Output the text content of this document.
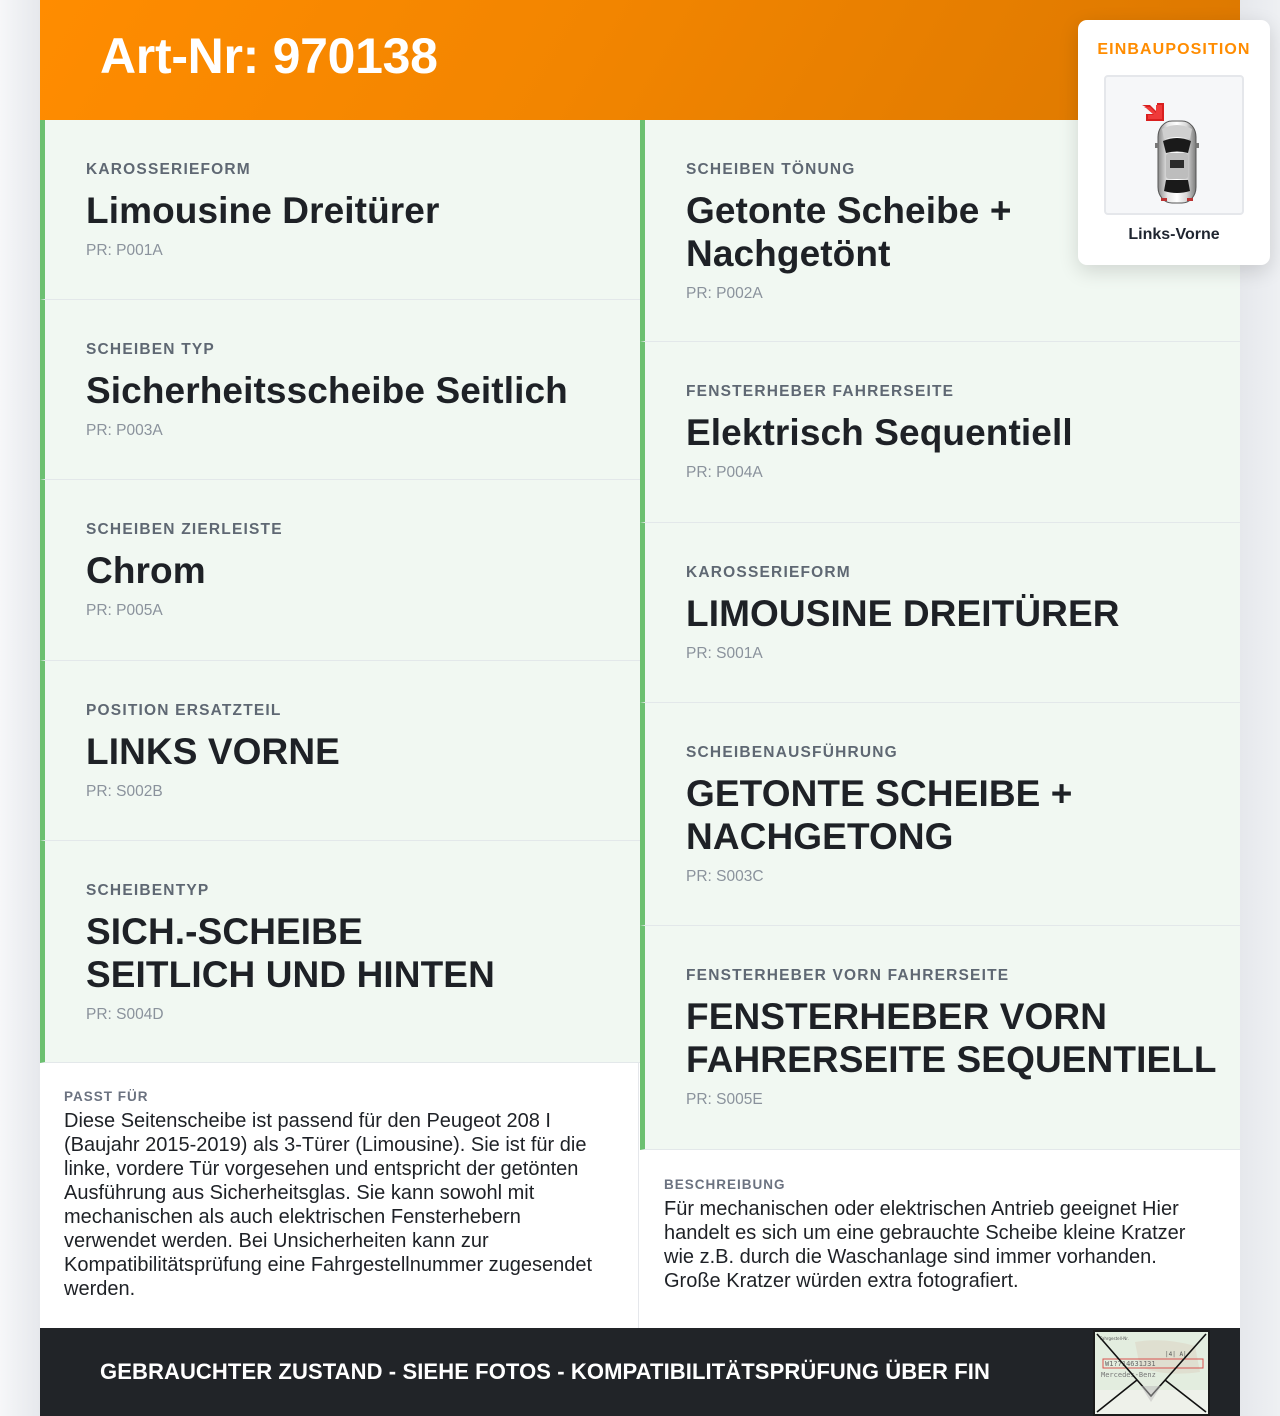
Art-Nr: 970138
KAROSSERIEFORM
Limousine Dreitürer
PR: P001A
SCHEIBEN TYP
Sicherheitsscheibe Seitlich
PR: P003A
SCHEIBEN ZIERLEISTE
Chrom
PR: P005A
POSITION ERSATZTEIL
LINKS VORNE
PR: S002B
SCHEIBENTYP
SICH.-SCHEIBE SEITLICH UND HINTEN
PR: S004D
SCHEIBEN TÖNUNG
Getonte Scheibe + Nachgetönt
PR: P002A
FENSTERHEBER FAHRERSEITE
Elektrisch Sequentiell
PR: P004A
KAROSSERIEFORM
LIMOUSINE DREITÜRER
PR: S001A
SCHEIBENAUSFÜHRUNG
GETONTE SCHEIBE + NACHGETONG
PR: S003C
FENSTERHEBER VORN FAHRERSEITE
FENSTERHEBER VORN FAHRERSEITE SEQUENTIELL
PR: S005E
PASST FÜR
Diese Seitenscheibe ist passend für den Peugeot 208 I (Baujahr 2015-2019) als 3-Türer (Limousine). Sie ist für die linke, vordere Tür vorgesehen und entspricht der getönten Ausführung aus Sicherheitsglas. Sie kann sowohl mit mechanischen als auch elektrischen Fensterhebern verwendet werden. Bei Unsicherheiten kann zur Kompatibilitätsprüfung eine Fahrgestellnummer zugesendet werden.
BESCHREIBUNG
Für mechanischen oder elektrischen Antrieb geeignet Hier handelt es sich um eine gebrauchte Scheibe kleine Kratzer wie z.B. durch die Waschanlage sind immer vorhanden. Große Kratzer würden extra fotografiert.
GEBRAUCHTER ZUSTAND - SIEHE FOTOS - KOMPATIBILITÄTSPRÜFUNG ÜBER FIN
Fahrgestell-Nr.
|4| A|
W1?714631J31
Mercedes-Benz
EINBAUPOSITION
Links-Vorne
